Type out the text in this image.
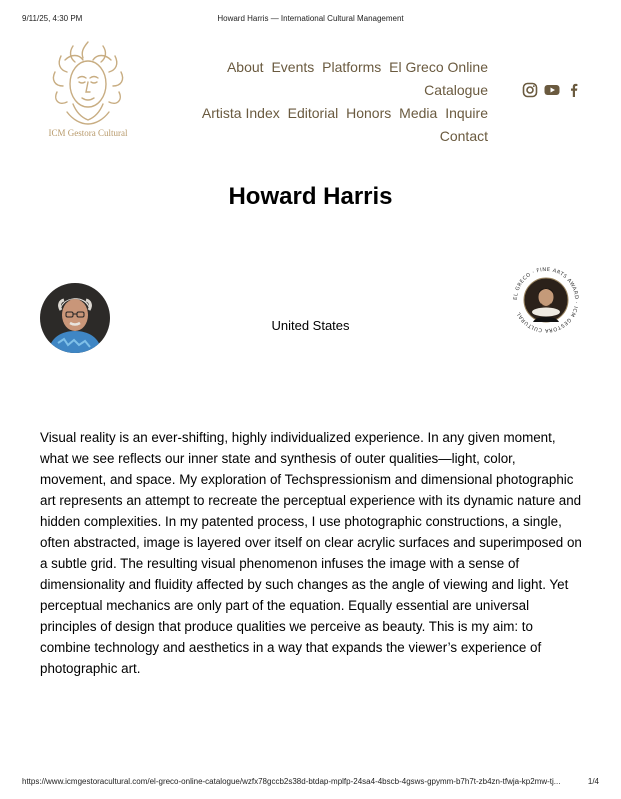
9/11/25, 4:30 PM	Howard Harris — International Cultural Management
ICM Gestora Cultural
About Events Platforms El Greco Online Catalogue
Artista Index Editorial Honors Media Inquire
Contact
Howard Harris
United States
EL GRECO · FINE ARTS AWARD · ICM GESTORA CULTURAL

Visual reality is an ever-shifting, highly individualized experience. In any given moment, what we see reflects our inner state and synthesis of outer qualities—light, color, movement, and space. My exploration of Techspressionism and dimensional photographic art represents an attempt to recreate the perceptual experience with its dynamic nature and hidden complexities. In my patented process, I use photographic constructions, a single, often abstracted, image is layered over itself on clear acrylic surfaces and superimposed on a subtle grid. The resulting visual phenomenon infuses the image with a sense of dimensionality and fluidity affected by such changes as the angle of viewing and light. Yet perceptual mechanics are only part of the equation. Equally essential are universal principles of design that produce qualities we perceive as beauty. This is my aim: to combine technology and aesthetics in a way that expands the viewer’s experience of photographic art.

https://www.icmgestoracultural.com/el-greco-online-catalogue/wzfx78gccb2s38d-btdap-mplfp-24sa4-4bscb-4gsws-gpymm-b7h7t-zb4zn-tfwja-kp2mw-tj...	1/4
